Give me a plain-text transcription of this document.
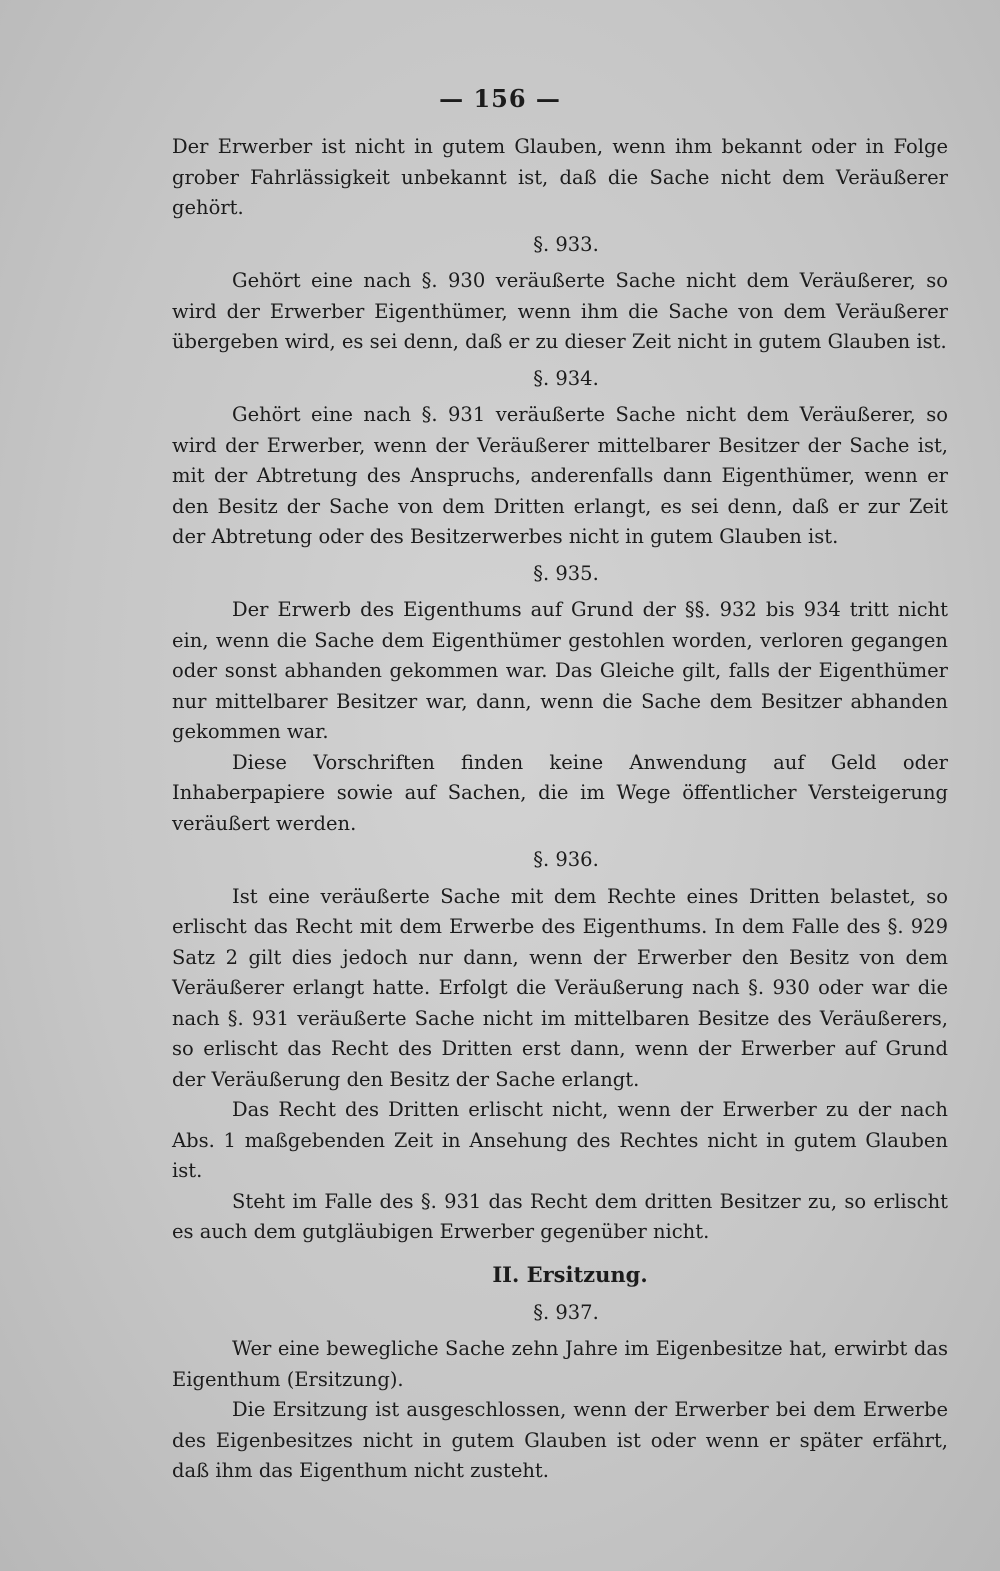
— 156 —

Der Erwerber ist nicht in gutem Glauben, wenn ihm bekannt oder in Folge grober Fahrlässigkeit unbekannt ist, daß die Sache nicht dem Veräußerer gehört.

§. 933.

Gehört eine nach §. 930 veräußerte Sache nicht dem Veräußerer, so wird der Erwerber Eigenthümer, wenn ihm die Sache von dem Veräußerer übergeben wird, es sei denn, daß er zu dieser Zeit nicht in gutem Glauben ist.

§. 934.

Gehört eine nach §. 931 veräußerte Sache nicht dem Veräußerer, so wird der Erwerber, wenn der Veräußerer mittelbarer Besitzer der Sache ist, mit der Abtretung des Anspruchs, anderenfalls dann Eigenthümer, wenn er den Besitz der Sache von dem Dritten erlangt, es sei denn, daß er zur Zeit der Abtretung oder des Besitzerwerbes nicht in gutem Glauben ist.

§. 935.

Der Erwerb des Eigenthums auf Grund der §§. 932 bis 934 tritt nicht ein, wenn die Sache dem Eigenthümer gestohlen worden, verloren gegangen oder sonst abhanden gekommen war. Das Gleiche gilt, falls der Eigenthümer nur mittelbarer Besitzer war, dann, wenn die Sache dem Besitzer abhanden gekommen war.

Diese Vorschriften finden keine Anwendung auf Geld oder Inhaberpapiere sowie auf Sachen, die im Wege öffentlicher Versteigerung veräußert werden.

§. 936.

Ist eine veräußerte Sache mit dem Rechte eines Dritten belastet, so erlischt das Recht mit dem Erwerbe des Eigenthums. In dem Falle des §. 929 Satz 2 gilt dies jedoch nur dann, wenn der Erwerber den Besitz von dem Veräußerer erlangt hatte. Erfolgt die Veräußerung nach §. 930 oder war die nach §. 931 veräußerte Sache nicht im mittelbaren Besitze des Veräußerers, so erlischt das Recht des Dritten erst dann, wenn der Erwerber auf Grund der Veräußerung den Besitz der Sache erlangt.

Das Recht des Dritten erlischt nicht, wenn der Erwerber zu der nach Abs. 1 maßgebenden Zeit in Ansehung des Rechtes nicht in gutem Glauben ist.

Steht im Falle des §. 931 das Recht dem dritten Besitzer zu, so erlischt es auch dem gutgläubigen Erwerber gegenüber nicht.

II. Ersitzung.
§. 937.

Wer eine bewegliche Sache zehn Jahre im Eigenbesitze hat, erwirbt das Eigenthum (Ersitzung).

Die Ersitzung ist ausgeschlossen, wenn der Erwerber bei dem Erwerbe des Eigenbesitzes nicht in gutem Glauben ist oder wenn er später erfährt, daß ihm das Eigenthum nicht zusteht.
